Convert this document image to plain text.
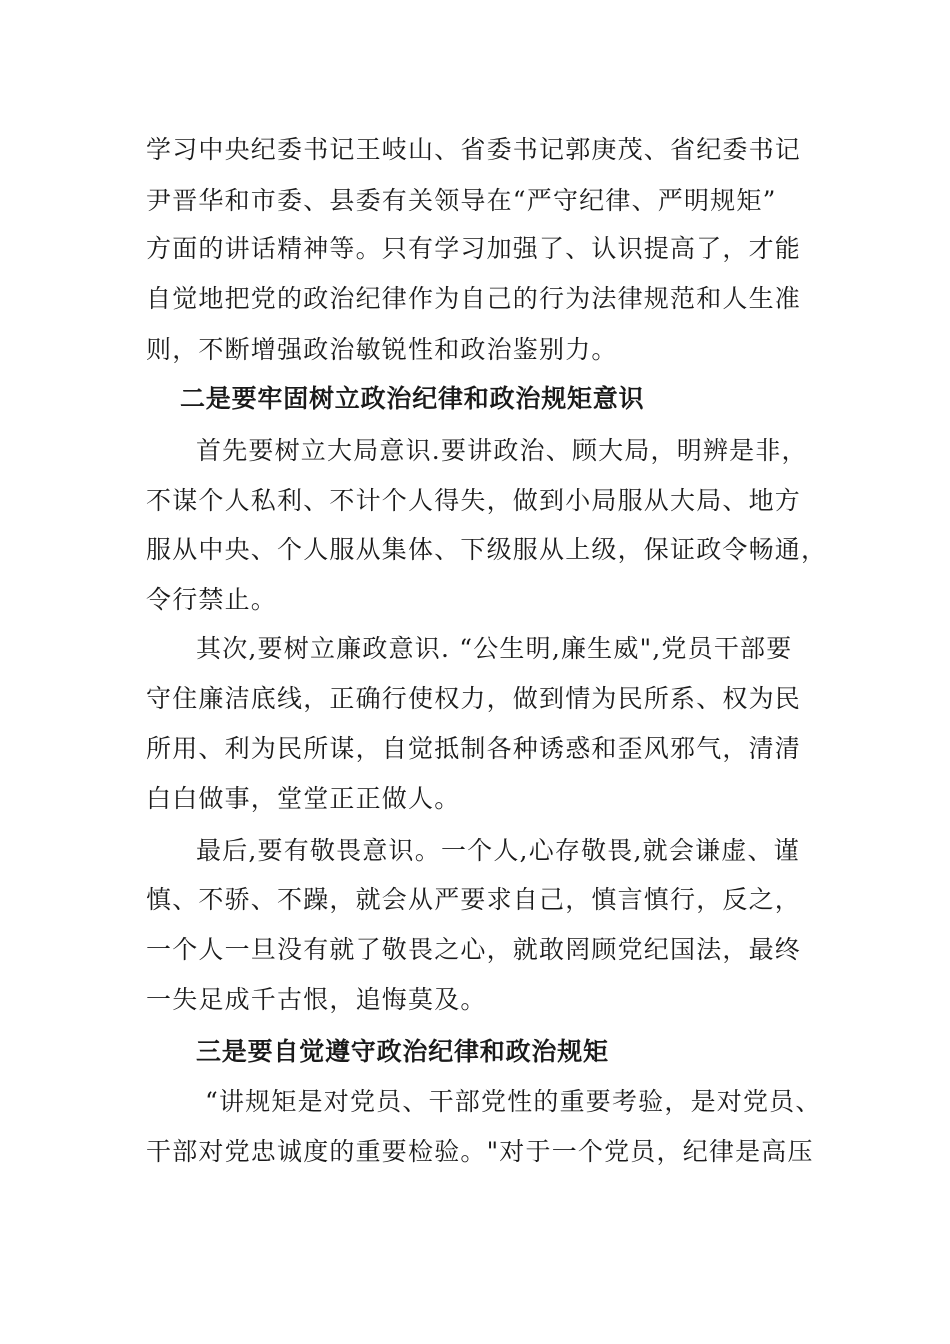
学习中央纪委书记王岐山、省委书记郭庚茂、省纪委书记
尹晋华和市委、县委有关领导在“严守纪律、严明规矩”
方面的讲话精神等。只有学习加强了、认识提高了，才能
自觉地把党的政治纪律作为自己的行为法律规范和人生准
则，不断增强政治敏锐性和政治鉴别力。
二是要牢固树立政治纪律和政治规矩意识
首先要树立大局意识.要讲政治、顾大局，明辨是非，
不谋个人私利、不计个人得失，做到小局服从大局、地方
服从中央、个人服从集体、下级服从上级，保证政令畅通，
令行禁止。
其次,要树立廉政意识. “公生明,廉生威",党员干部要
守住廉洁底线，正确行使权力，做到情为民所系、权为民
所用、利为民所谋，自觉抵制各种诱惑和歪风邪气，清清
白白做事，堂堂正正做人。
最后,要有敬畏意识。一个人,心存敬畏,就会谦虚、谨
慎、不骄、不躁，就会从严要求自己，慎言慎行，反之，
一个人一旦没有就了敬畏之心，就敢罔顾党纪国法，最终
一失足成千古恨，追悔莫及。
三是要自觉遵守政治纪律和政治规矩
“讲规矩是对党员、干部党性的重要考验，是对党员、
干部对党忠诚度的重要检验。"对于一个党员，纪律是高压
